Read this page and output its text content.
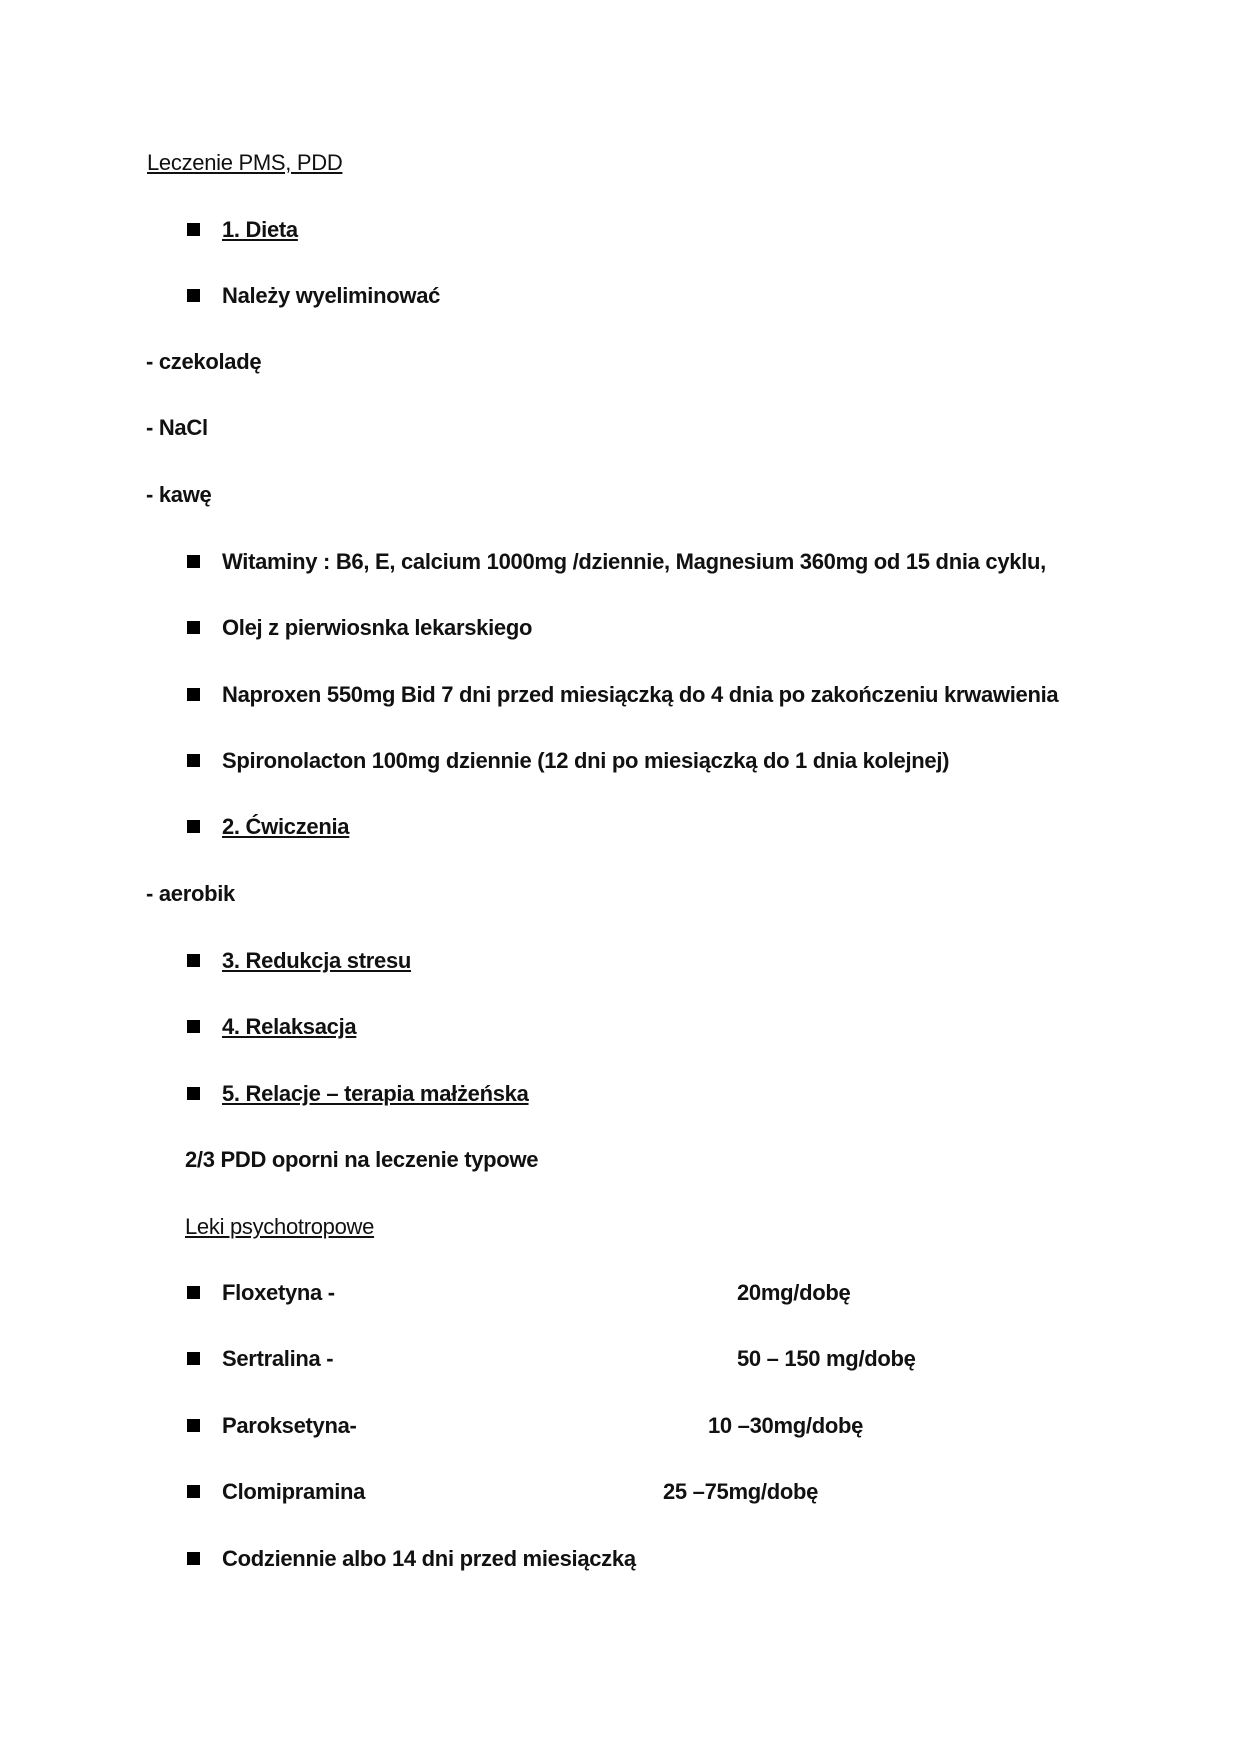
Leczenie PMS, PDD
1. Dieta
Należy wyeliminować
- czekoladę
- NaCl
- kawę
Witaminy : B6, E, calcium 1000mg /dziennie, Magnesium 360mg od 15 dnia cyklu,
Olej z pierwiosnka lekarskiego
Naproxen 550mg Bid 7 dni przed miesiączką do 4 dnia po zakończeniu krwawienia
Spironolacton 100mg dziennie (12 dni po miesiączką do 1 dnia kolejnej)
2. Ćwiczenia
- aerobik
3. Redukcja stresu
4. Relaksacja
5. Relacje – terapia małżeńska
2/3 PDD oporni na leczenie typowe
Leki psychotropowe
Floxetyna -	20mg/dobę
Sertralina -	50 – 150 mg/dobę
Paroksetyna-	10 –30mg/dobę
Clomipramina	25 –75mg/dobę
Codziennie albo 14 dni przed miesiączką
